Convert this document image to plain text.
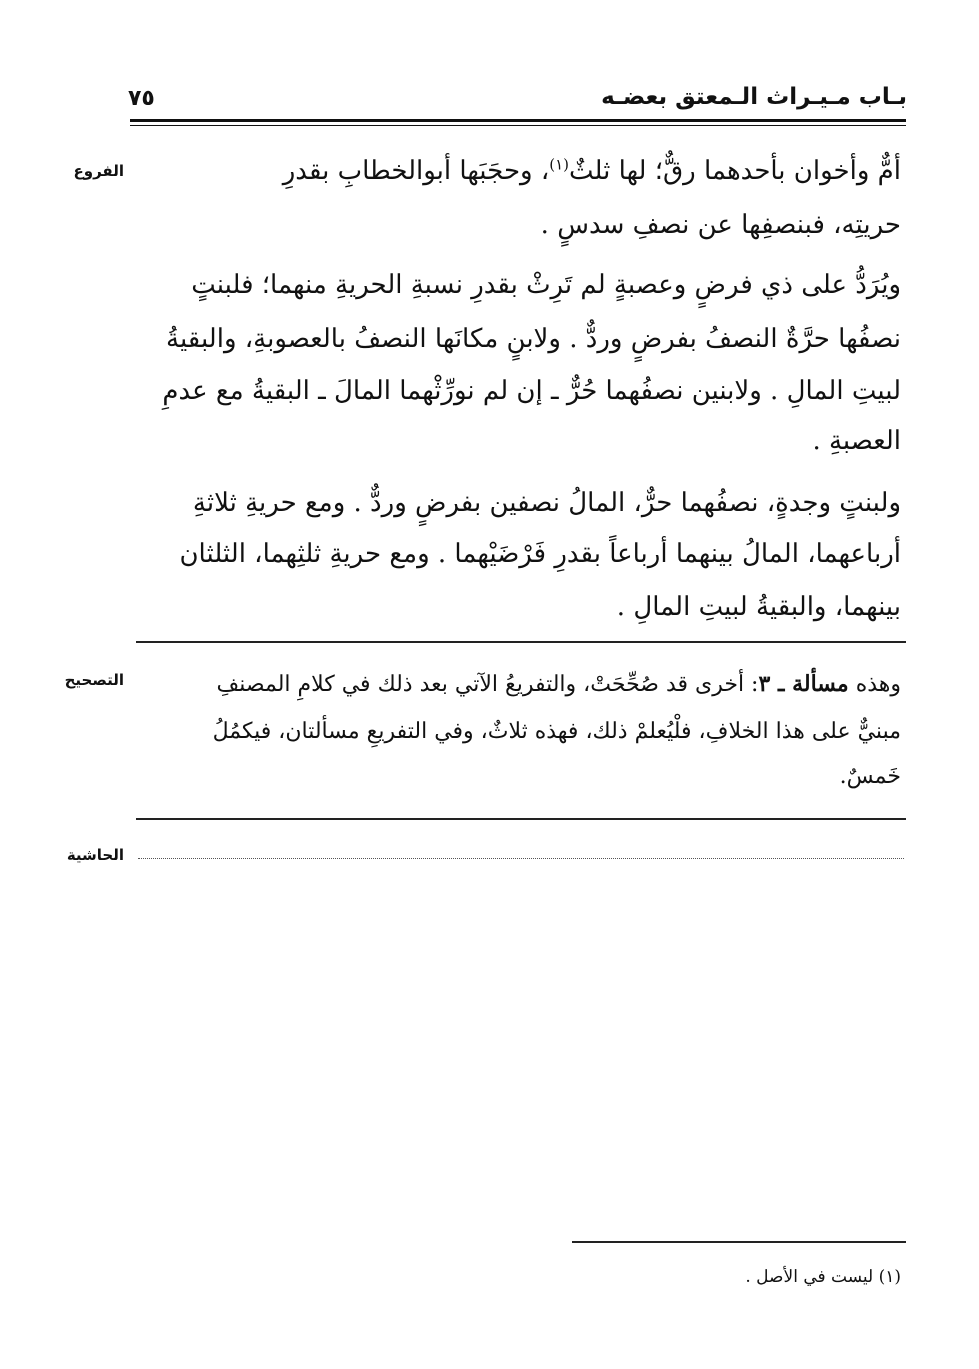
بـاب مـيـراث الـمعتق بعضـه
٧٥
الفروع	أمٌّ وأخوان بأحدهما رقٌّ؛ لها ثلثٌ$^{(١)}$، وحجَبَها أبوالخطابِ بقدرِ
حريتِه، فبنصفِها عن نصفِ سدسٍ .
ويُرَدُّ على ذي فرضٍ وعصبةٍ لم تَرِثْ بقدرِ نسبةِ الحريةِ منهما؛ فلبنتٍ
نصفُها حرَّةٌ النصفُ بفرضٍ وردٌّ . ولابنٍ مكانَها النصفُ بالعصوبةِ، والبقيةُ
لبيتِ المالِ . ولابنين نصفُهما حُرٌّ ـ إن لم نورِّثْهما المالَ ـ البقيةُ مع عدمِ
العصبةِ .
ولبنتٍ وجدةٍ، نصفُهما حرٌّ، المالُ نصفين بفرضٍ وردٌّ . ومع حريةِ ثلاثةِ
أرباعهما، المالُ بينهما أرباعاً بقدرِ فَرْضَيْهما . ومع حريةِ ثلثِهما، الثلثان
بينهما، والبقيةُ لبيتِ المالِ .
التصحيح	وهذه مسألة ـ ٣: أخرى قد صُحِّحَتْ، والتفريعُ الآتي بعد ذلك في كلامِ المصنفِ
مبنيٌّ على هذا الخلافِ، فلْيُعلمْ ذلك، فهذه ثلاثٌ، وفي التفريعِ مسألتان، فيكمُلُ
خَمسٌ.
الحاشية
(١) ليست في الأصل .
